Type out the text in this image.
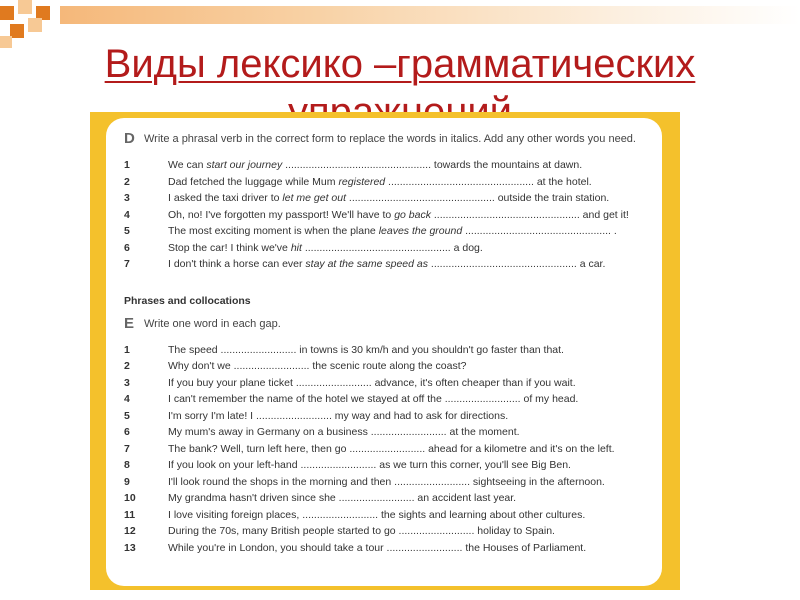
Виды лексико –грамматических
D Write a phrasal verb in the correct form to replace the words in italics. Add any other words you need.
1	We can start our journey .................................................. towards the mountains at dawn.
2	Dad fetched the luggage while Mum registered .................................................. at the hotel.
3	I asked the taxi driver to let me get out .................................................. outside the train station.
4	Oh, no! I've forgotten my passport! We'll have to go back .................................................. and get it!
5	The most exciting moment is when the plane leaves the ground .................................................. .
6	Stop the car! I think we've hit .................................................. a dog.
7	I don't think a horse can ever stay at the same speed as .................................................. a car.
Phrases and collocations
E Write one word in each gap.
1	The speed .......................... in towns is 30 km/h and you shouldn't go faster than that.
2	Why don't we .......................... the scenic route along the coast?
3	If you buy your plane ticket .......................... advance, it's often cheaper than if you wait.
4	I can't remember the name of the hotel we stayed at off the .......................... of my head.
5	I'm sorry I'm late! I .......................... my way and had to ask for directions.
6	My mum's away in Germany on a business .......................... at the moment.
7	The bank? Well, turn left here, then go .......................... ahead for a kilometre and it's on the left.
8	If you look on your left-hand .......................... as we turn this corner, you'll see Big Ben.
9	I'll look round the shops in the morning and then .......................... sightseeing in the afternoon.
10	My grandma hasn't driven since she .......................... an accident last year.
11	I love visiting foreign places, .......................... the sights and learning about other cultures.
12	During the 70s, many British people started to go .......................... holiday to Spain.
13	While you're in London, you should take a tour .......................... the Houses of Parliament.
